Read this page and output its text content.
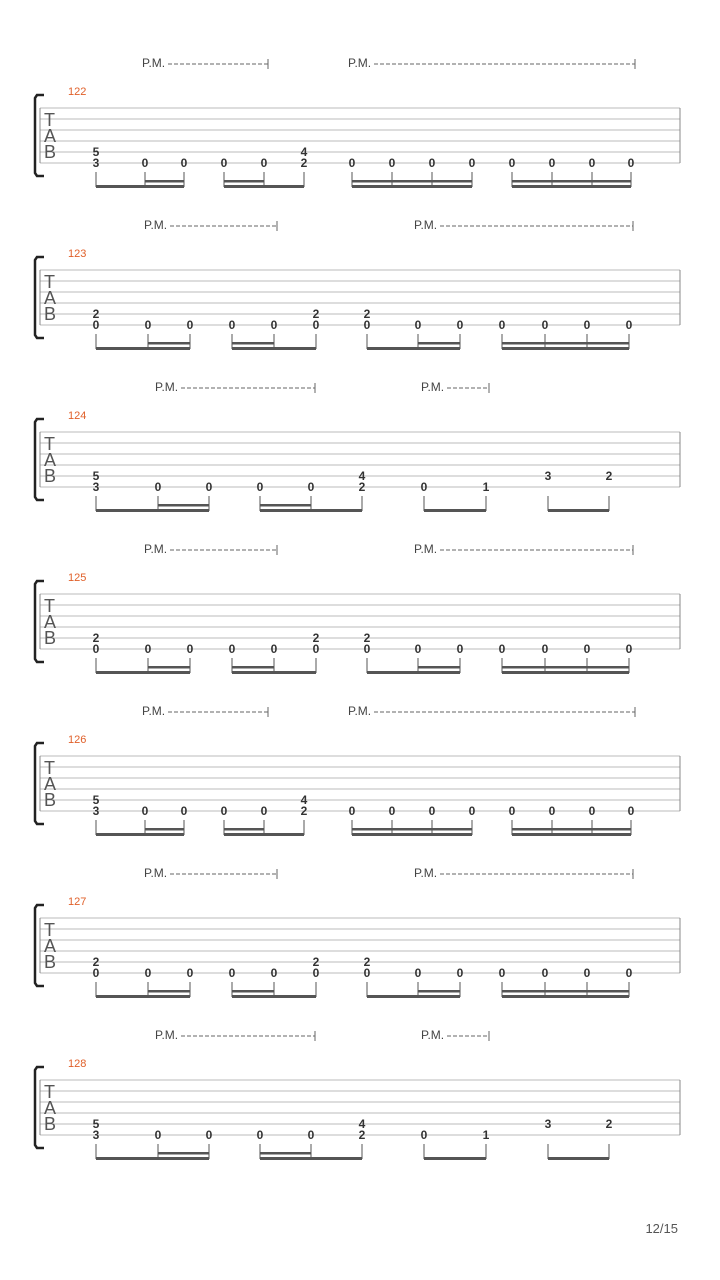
P.M.	P.M.
122
T
A
B	5
3	0	0	0	0
4
2	0	0	0	0	0	0	0	0
P.M.	P.M.
123
T
A
B	2
0	0	0	0	0
2
0
2
0	0	0	0	0	0	0
P.M.	P.M.
124
T
A
B	5
3	0	0	0	0
4
2	0	1
3	2
P.M.	P.M.
125
T
A
B	2
0	0	0	0	0
2
0
2
0	0	0	0	0	0	0
P.M.	P.M.
126
T
A
B	5
3	0	0	0	0
4
2	0	0	0	0	0	0	0	0
P.M.	P.M.
127
T
A
B	2
0	0	0	0	0
2
0
2
0	0	0	0	0	0	0
P.M.	P.M.
128
T
A
B	5
3	0	0	0	0
4
2	0	1
3	2
12/15
